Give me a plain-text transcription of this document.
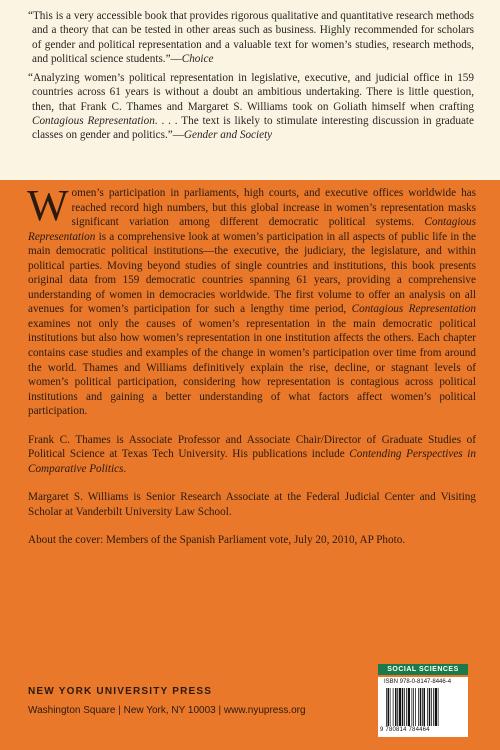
“This is a very accessible book that provides rigorous qualitative and quantitative research methods and a theory that can be tested in other areas such as business. Highly recommended for scholars of gender and political representation and a valuable text for women’s studies, research methods, and political science students.”—Choice

“Analyzing women’s political representation in legislative, executive, and judicial office in 159 countries across 61 years is without a doubt an ambitious undertaking. There is little question, then, that Frank C. Thames and Margaret S. Williams took on Goliath himself when crafting Contagious Representation. . . . The text is likely to stimulate interesting discussion in graduate classes on gender and politics.”—Gender and Society

Women’s participation in parliaments, high courts, and executive offices worldwide has reached record high numbers, but this global increase in women’s representation masks significant variation among different democratic political systems. Contagious Representation is a comprehensive look at women’s participation in all aspects of public life in the main democratic political institutions—the executive, the judiciary, the legislature, and within political parties. Moving beyond studies of single countries and institutions, this book presents original data from 159 democratic countries spanning 61 years, providing a comprehensive understanding of women in democracies worldwide. The first volume to offer an analysis on all avenues for women’s participation for such a lengthy time period, Contagious Representation examines not only the causes of women’s representation in the main democratic political institutions but also how women’s representation in one institution affects the others. Each chapter contains case studies and examples of the change in women’s participation over time from around the world. Thames and Williams definitively explain the rise, decline, or stagnant levels of women’s political participation, considering how representation is contagious across political institutions and gaining a better understanding of what factors affect women’s political participation.

Frank C. Thames is Associate Professor and Associate Chair/Director of Graduate Studies of Political Science at Texas Tech University. His publications include Contending Perspectives in Comparative Politics.

Margaret S. Williams is Senior Research Associate at the Federal Judicial Center and Visiting Scholar at Vanderbilt University Law School.

About the cover: Members of the Spanish Parliament vote, July 20, 2010, AP Photo.

NEW YORK UNIVERSITY PRESS
Washington Square | New York, NY 10003 | www.nyupress.org
SOCIAL SCIENCES
ISBN 978-0-8147-8446-4
9 780814 784464
